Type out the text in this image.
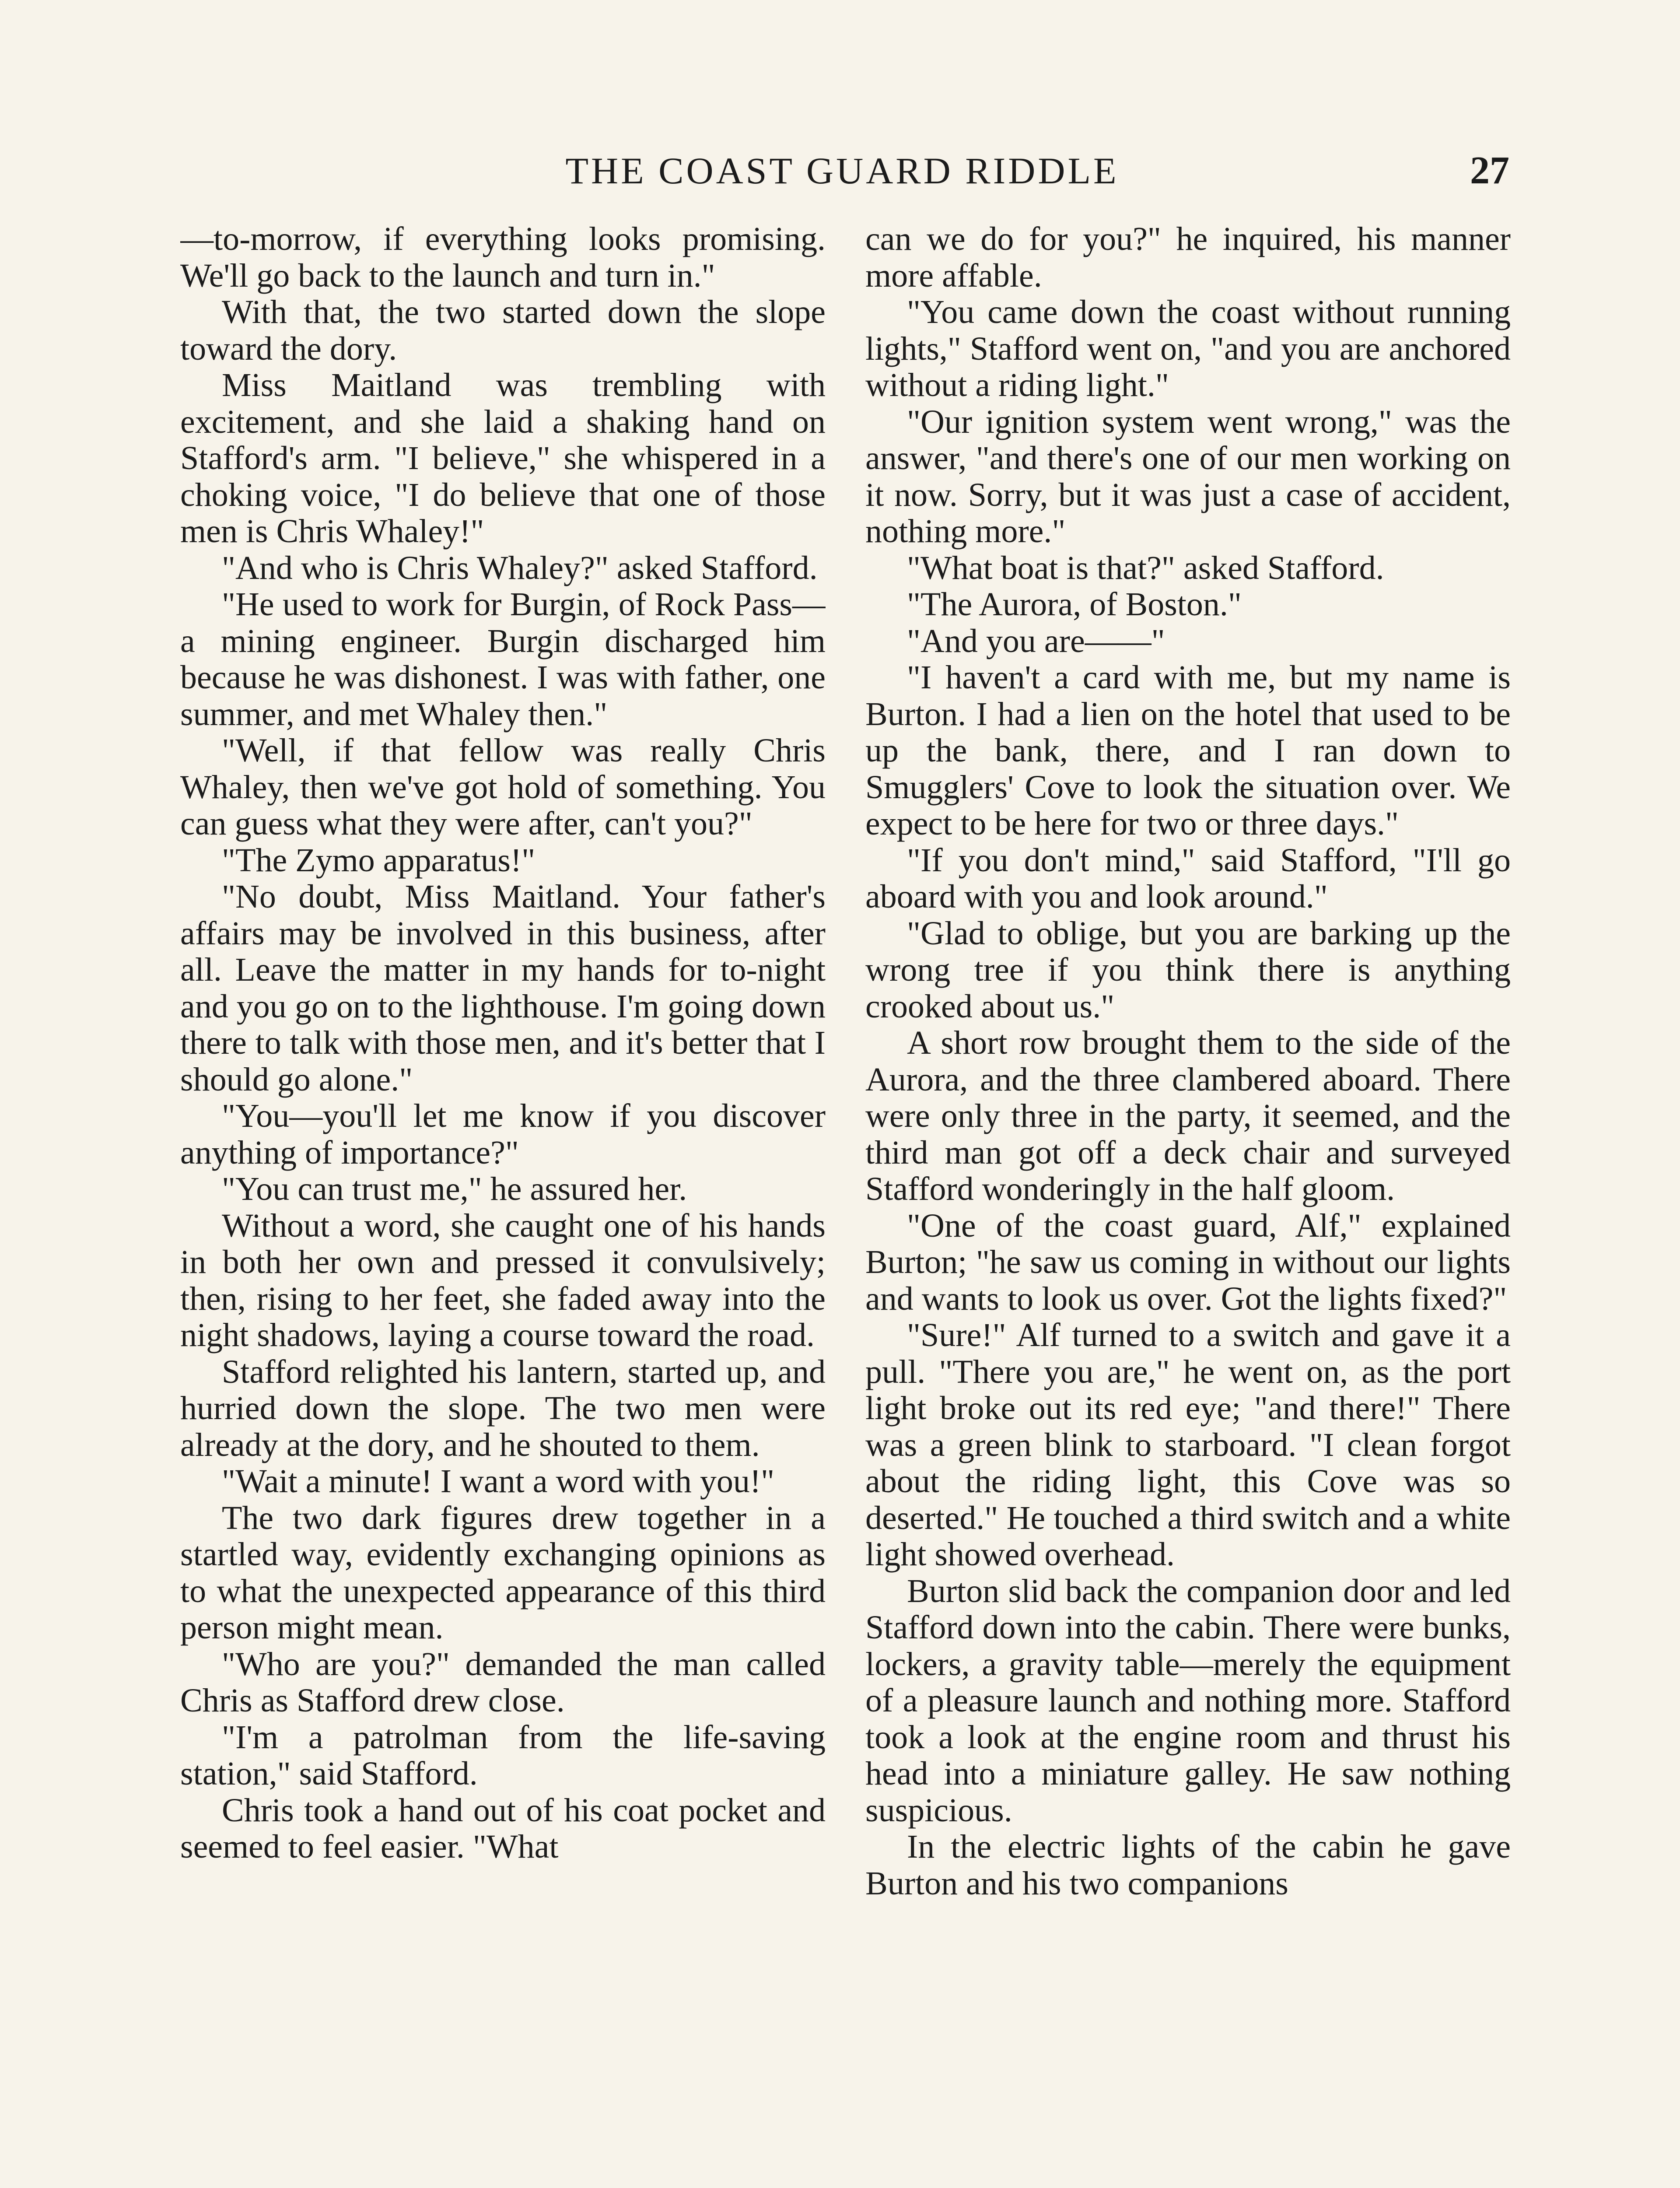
THE COAST GUARD RIDDLE	27

—to-morrow, if everything looks promising. We'll go back to the launch and turn in."

With that, the two started down the slope toward the dory.

Miss Maitland was trembling with excitement, and she laid a shaking hand on Stafford's arm. "I believe," she whispered in a choking voice, "I do believe that one of those men is Chris Whaley!"

"And who is Chris Whaley?" asked Stafford.

"He used to work for Burgin, of Rock Pass—a mining engineer. Burgin discharged him because he was dishonest. I was with father, one summer, and met Whaley then."

"Well, if that fellow was really Chris Whaley, then we've got hold of something. You can guess what they were after, can't you?"

"The Zymo apparatus!"

"No doubt, Miss Maitland. Your father's affairs may be involved in this business, after all. Leave the matter in my hands for to-night and you go on to the lighthouse. I'm going down there to talk with those men, and it's better that I should go alone."

"You—you'll let me know if you discover anything of importance?"

"You can trust me," he assured her.

Without a word, she caught one of his hands in both her own and pressed it convulsively; then, rising to her feet, she faded away into the night shadows, laying a course toward the road.

Stafford relighted his lantern, started up, and hurried down the slope. The two men were already at the dory, and he shouted to them.

"Wait a minute! I want a word with you!"

The two dark figures drew together in a startled way, evidently exchanging opinions as to what the unexpected appearance of this third person might mean.

"Who are you?" demanded the man called Chris as Stafford drew close.

"I'm a patrolman from the life-saving station," said Stafford.

Chris took a hand out of his coat pocket and seemed to feel easier. "What

can we do for you?" he inquired, his manner more affable.

"You came down the coast without running lights," Stafford went on, "and you are anchored without a riding light."

"Our ignition system went wrong," was the answer, "and there's one of our men working on it now. Sorry, but it was just a case of accident, nothing more."

"What boat is that?" asked Stafford.

"The Aurora, of Boston."

"And you are——"

"I haven't a card with me, but my name is Burton. I had a lien on the hotel that used to be up the bank, there, and I ran down to Smugglers' Cove to look the situation over. We expect to be here for two or three days."

"If you don't mind," said Stafford, "I'll go aboard with you and look around."

"Glad to oblige, but you are barking up the wrong tree if you think there is anything crooked about us."

A short row brought them to the side of the Aurora, and the three clambered aboard. There were only three in the party, it seemed, and the third man got off a deck chair and surveyed Stafford wonderingly in the half gloom.

"One of the coast guard, Alf," explained Burton; "he saw us coming in without our lights and wants to look us over. Got the lights fixed?"

"Sure!" Alf turned to a switch and gave it a pull. "There you are," he went on, as the port light broke out its red eye; "and there!" There was a green blink to starboard. "I clean forgot about the riding light, this Cove was so deserted." He touched a third switch and a white light showed overhead.

Burton slid back the companion door and led Stafford down into the cabin. There were bunks, lockers, a gravity table—merely the equipment of a pleasure launch and nothing more. Stafford took a look at the engine room and thrust his head into a miniature galley. He saw nothing suspicious.

In the electric lights of the cabin he gave Burton and his two companions
